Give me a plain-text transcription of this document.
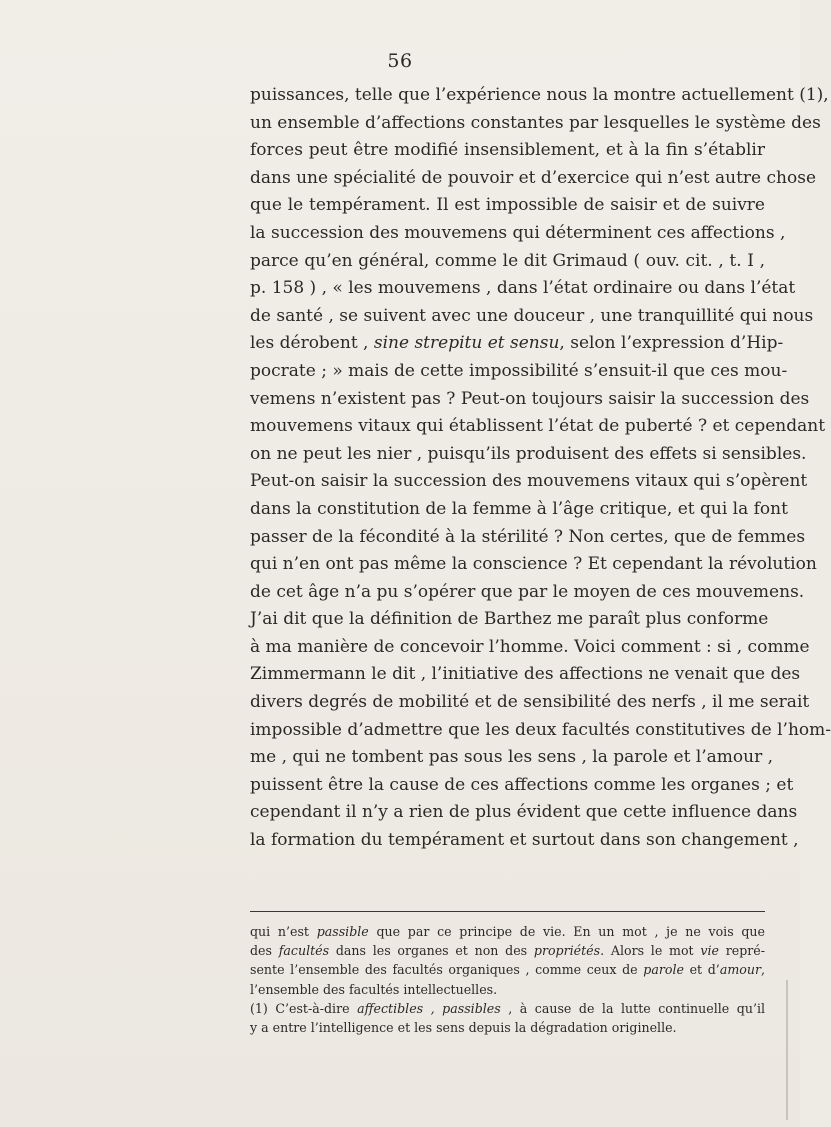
56
puissances, telle que l’expérience nous la montre actuellement (1),
un ensemble d’affections constantes par lesquelles le système des
forces peut être modifié insensiblement, et à la fin s’établir
dans une spécialité de pouvoir et d’exercice qui n’est autre chose
que le tempérament. Il est impossible de saisir et de suivre
la succession des mouvemens qui déterminent ces affections ,
parce qu’en général, comme le dit Grimaud ( ouv. cit. , t. I ,
p. 158 ) , « les mouvemens , dans l’état ordinaire ou dans l’état
de santé , se suivent avec une douceur , une tranquillité qui nous
les dérobent , sine strepitu et sensu, selon l’expression d’Hip-
pocrate ; » mais de cette impossibilité s’ensuit-il que ces mou-
vemens n’existent pas ? Peut-on toujours saisir la succession des
mouvemens vitaux qui établissent l’état de puberté ? et cependant
on ne peut les nier , puisqu’ils produisent des effets si sensibles.
Peut-on saisir la succession des mouvemens vitaux qui s’opèrent
dans la constitution de la femme à l’âge critique, et qui la font
passer de la fécondité à la stérilité ? Non certes, que de femmes
qui n’en ont pas même la conscience ? Et cependant la révolution
de cet âge n’a pu s’opérer que par le moyen de ces mouvemens.
J’ai dit que la définition de Barthez me paraît plus conforme
à ma manière de concevoir l’homme. Voici comment : si , comme
Zimmermann le dit , l’initiative des affections ne venait que des
divers degrés de mobilité et de sensibilité des nerfs , il me serait
impossible d’admettre que les deux facultés constitutives de l’hom-
me , qui ne tombent pas sous les sens , la parole et l’amour ,
puissent être la cause de ces affections comme les organes ; et
cependant il n’y a rien de plus évident que cette influence dans
la formation du tempérament et surtout dans son changement ,
qui n’est passible que par ce principe de vie. En un mot , je ne vois que
des facultés dans les organes et non des propriétés. Alors le mot vie repré-
sente l’ensemble des facultés organiques , comme ceux de parole et d’amour,
l’ensemble des facultés intellectuelles.
(1) C’est-à-dire affectibles , passibles , à cause de la lutte continuelle qu’il
y a entre l’intelligence et les sens depuis la dégradation originelle.
